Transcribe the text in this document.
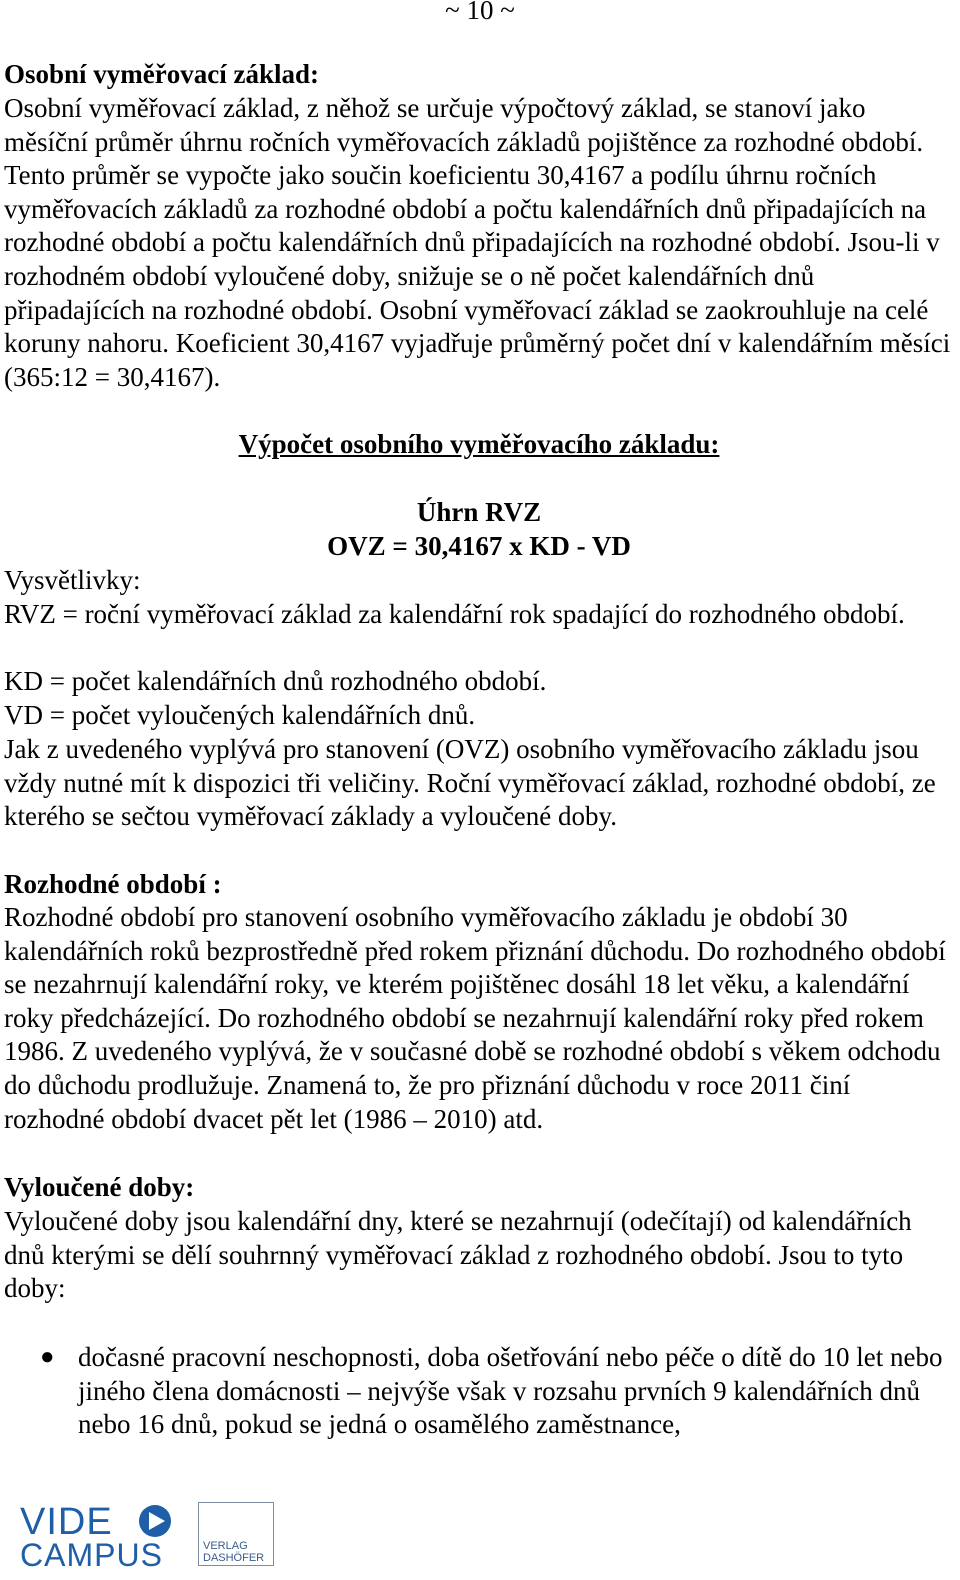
~ 10 ~
Osobní vyměřovací základ:
Osobní vyměřovací základ, z něhož se určuje výpočtový základ, se stanoví jako měsíční průměr úhrnu ročních vyměřovacích základů pojištěnce za rozhodné období. Tento průměr se vypočte jako součin koeficientu 30,4167 a podílu úhrnu ročních vyměřovacích základů za rozhodné období a počtu kalendářních dnů připadajících na rozhodné období a počtu kalendářních dnů připadajících na rozhodné období. Jsou-li v rozhodném období vyloučené doby, snižuje se o ně počet kalendářních dnů připadajících na rozhodné období. Osobní vyměřovací základ se zaokrouhluje na celé koruny nahoru. Koeficient 30,4167 vyjadřuje průměrný počet dní v kalendářním měsíci (365:12 = 30,4167).
Výpočet osobního vyměřovacího základu:
Úhrn RVZ
OVZ = 30,4167 x KD - VD
Vysvětlivky:
RVZ = roční vyměřovací základ za kalendářní rok spadající do rozhodného období.
KD = počet kalendářních dnů rozhodného období.
VD = počet vyloučených kalendářních dnů.
Jak z uvedeného vyplývá pro stanovení (OVZ) osobního vyměřovacího základu jsou vždy nutné mít k dispozici tři veličiny. Roční vyměřovací základ, rozhodné období, ze kterého se sečtou vyměřovací základy a vyloučené doby.
Rozhodné období :
Rozhodné období pro stanovení osobního vyměřovacího základu je období 30 kalendářních roků bezprostředně před rokem přiznání důchodu. Do rozhodného období se nezahrnují kalendářní roky, ve kterém pojištěnec dosáhl 18 let věku, a kalendářní roky předcházející. Do rozhodného období se nezahrnují kalendářní roky před rokem 1986. Z uvedeného vyplývá, že v současné době se rozhodné období s věkem odchodu do důchodu prodlužuje. Znamená to, že pro přiznání důchodu v roce 2011 činí rozhodné období dvacet pět let (1986 – 2010) atd.
Vyloučené doby:
Vyloučené doby jsou kalendářní dny, které se nezahrnují (odečítají) od kalendářních dnů kterými se dělí souhrnný vyměřovací základ z rozhodného období. Jsou to tyto doby:
● dočasné pracovní neschopnosti, doba ošetřování nebo péče o dítě do 10 let nebo jiného člena domácnosti – nejvýše však v rozsahu prvních 9 kalendářních dnů nebo 16 dnů, pokud se jedná o osamělého zaměstnance,
VIDE
CAMPUS	VERLAG
DASHÖFER
